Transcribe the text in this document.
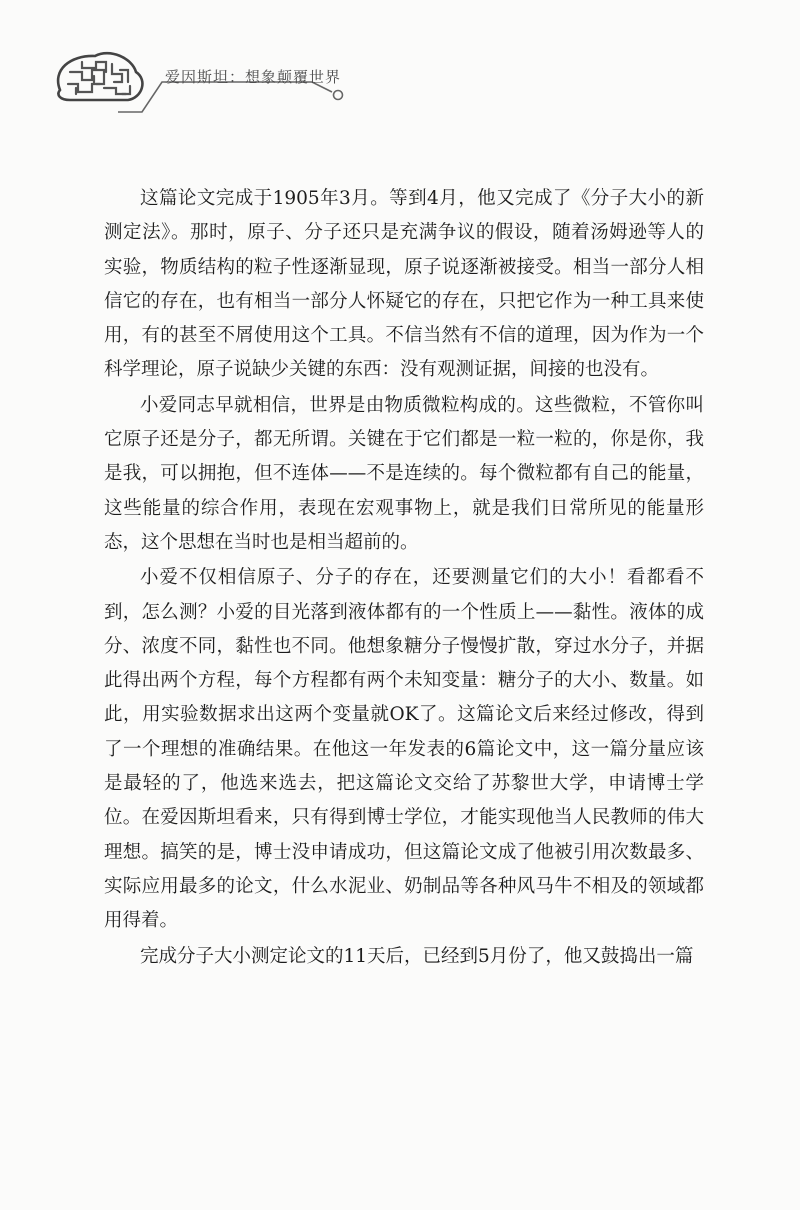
爱因斯坦：想象颠覆世界

这篇论文完成于1905年3月。等到4月，他又完成了《分子大小的新测定法》。那时，原子、分子还只是充满争议的假设，随着汤姆逊等人的实验，物质结构的粒子性逐渐显现，原子说逐渐被接受。相当一部分人相信它的存在，也有相当一部分人怀疑它的存在，只把它作为一种工具来使用，有的甚至不屑使用这个工具。不信当然有不信的道理，因为作为一个科学理论，原子说缺少关键的东西：没有观测证据，间接的也没有。

小爱同志早就相信，世界是由物质微粒构成的。这些微粒，不管你叫它原子还是分子，都无所谓。关键在于它们都是一粒一粒的，你是你，我是我，可以拥抱，但不连体——不是连续的。每个微粒都有自己的能量，这些能量的综合作用，表现在宏观事物上，就是我们日常所见的能量形态，这个思想在当时也是相当超前的。

小爱不仅相信原子、分子的存在，还要测量它们的大小！看都看不到，怎么测？小爱的目光落到液体都有的一个性质上——黏性。液体的成分、浓度不同，黏性也不同。他想象糖分子慢慢扩散，穿过水分子，并据此得出两个方程，每个方程都有两个未知变量：糖分子的大小、数量。如此，用实验数据求出这两个变量就OK了。这篇论文后来经过修改，得到了一个理想的准确结果。在他这一年发表的6篇论文中，这一篇分量应该是最轻的了，他选来选去，把这篇论文交给了苏黎世大学，申请博士学位。在爱因斯坦看来，只有得到博士学位，才能实现他当人民教师的伟大理想。搞笑的是，博士没申请成功，但这篇论文成了他被引用次数最多、实际应用最多的论文，什么水泥业、奶制品等各种风马牛不相及的领域都用得着。

完成分子大小测定论文的11天后，已经到5月份了，他又鼓捣出一篇
